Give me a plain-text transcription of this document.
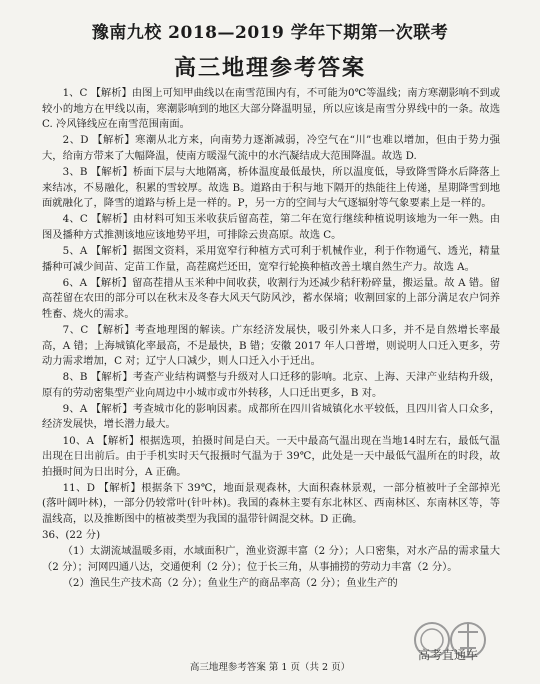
豫南九校 2018—2019 学年下期第一次联考
高三地理参考答案

1、C 【解析】由图上可知甲曲线以在南雪范围内有，不可能为0℃等温线；南方寒潮影响不到或较小的地方在甲线以南，寒潮影响到的地区大部分降温明显，所以应该是南雪分界线中的一条。故选 C. 冷风锋线应在南雪范围南面。

2、D 【解析】寒潮从北方来，向南势力逐渐减弱，冷空气在“川”也难以增加，但由于势力强大，给南方带来了大幅降温，使南方暖湿气流中的水汽凝结成大范围降温。故选 D.

3、B 【解析】桥面下层与大地隔离，桥体温度最低最快，所以温度低，导致降雪降水后降落上来结冰，不易融化，积累的雪较厚。故选 B。道路由于积与地下隔开的热能往上传递，星期降雪到地面就融化了，降雪的道路与桥上是一样的。P，另一方的空间与大气逐辐射等气象要素上是一样的。

4、C 【解析】由材料可知玉米收获后留高茬，第二年在宽行继续种植说明该地为一年一熟。由图及播种方式推测该地应该地势平坦，可排除云贵高原。故选 C。

5、A 【解析】据图文资料，采用宽窄行种植方式可利于机械作业，利于作物通气、透光，精量播种可减少间苗、定苗工作量，高茬腐烂还田，宽窄行轮换种植改善土壤自然生产力。故选 A。

6、A 【解析】留高茬措从玉米种中间收获，收割行为还减少秸秆粉碎量，搬运量。故 A 错。留高茬留在农田的部分可以在秋末及冬春大风天气防风沙，蓄水保墒；收割回家的上部分满足农户饲养牲畜、烧火的需求。

7、C 【解析】考查地理图的解读。广东经济发展快，吸引外来人口多，并不是自然增长率最高，A 错；上海城镇化率最高，不是最快，B 错；安徽 2017 年人口普增，则说明人口迁入更多，劳动力需求增加，C 对；辽宁人口减少，则人口迁入小于迁出。

8、B 【解析】考查产业结构调整与升级对人口迁移的影响。北京、上海、天津产业结构升级，原有的劳动密集型产业向周边中小城市或市外转移，人口迁出更多，B 对。

9、A 【解析】考查城市化的影响因素。成都所在四川省城镇化水平较低，且四川省人口众多，经济发展快，增长潜力最大。

10、A 【解析】根据选项，拍摄时间是白天。一天中最高气温出现在当地14时左右，最低气温出现在日出前后。由于手机实时天气报摄时气温为于 39℃，此处是一天中最低气温所在的时段，故拍摄时间为日出时分，A 正确。

11、D 【解析】根据条下 39℃，地面景观森林，大面积森林景观，一部分植被叶子全部掉光(落叶阔叶林)，一部分仍较常叶(针叶林)。我国的森林主要有东北林区、西南林区、东南林区等，等温线高，以及推断图中的植被类型为我国的温带针阔混交林。D 正确。

36、(22 分)

（1）太湖流域温暖多雨，水域面积广，渔业资源丰富（2 分）；人口密集，对水产品的需求量大（2 分）；河网四通八达，交通便利（2 分）；位于长三角，从事捕捞的劳动力丰富（2 分）。

（2）渔民生产技术高（2 分）；鱼业生产的商品率高（2 分）；鱼业生产的

高考直通车
高三地理参考答案 第 1 页（共 2 页）
